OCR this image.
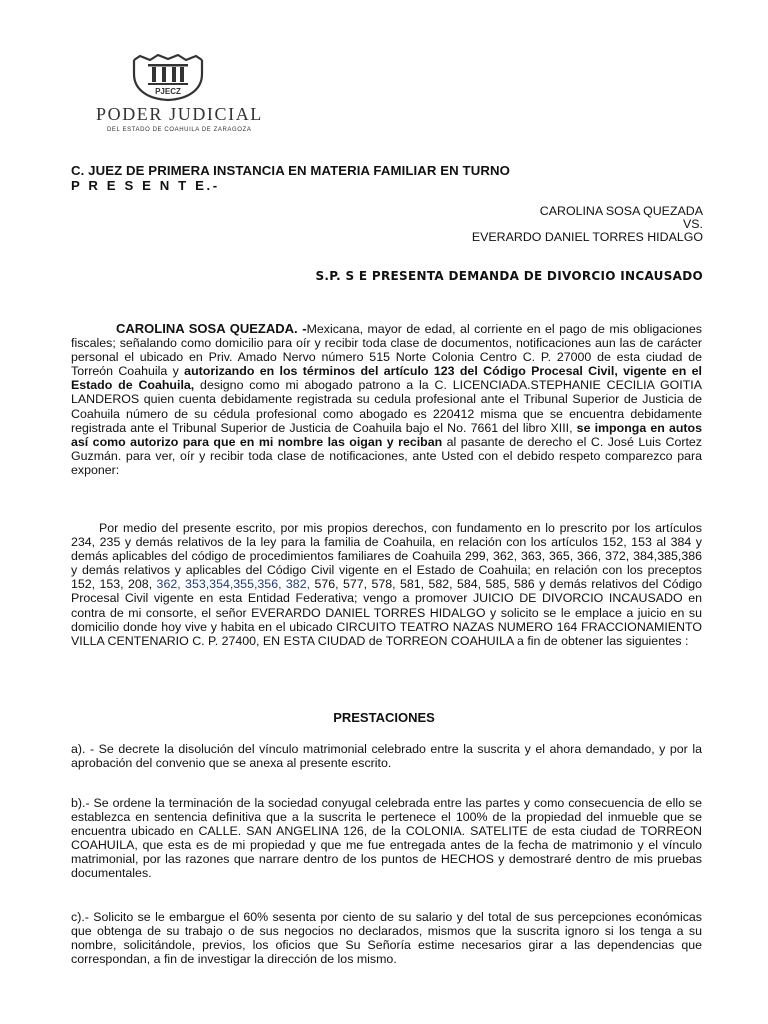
PJECZ
PODER JUDICIAL
DEL ESTADO DE COAHUILA DE ZARAGOZA
C. JUEZ DE PRIMERA INSTANCIA EN MATERIA FAMILIAR EN TURNO
P R E S E N T E.-
CAROLINA SOSA QUEZADA
VS.
EVERARDO DANIEL TORRES HIDALGO
S.P. S E PRESENTA DEMANDA DE DIVORCIO INCAUSADO
CAROLINA SOSA QUEZADA. -Mexicana, mayor de edad, al corriente en el pago de mis obligaciones fiscales; señalando como domicilio para oír y recibir toda clase de documentos, notificaciones aun las de carácter personal el ubicado en Priv. Amado Nervo número 515 Norte Colonia Centro C. P. 27000 de esta ciudad de Torreón Coahuila y autorizando en los términos del artículo 123 del Código Procesal Civil, vigente en el Estado de Coahuila, designo como mi abogado patrono a la C. LICENCIADA.STEPHANIE CECILIA GOITIA LANDEROS quien cuenta debidamente registrada su cedula profesional ante el Tribunal Superior de Justicia de Coahuila número de su cédula profesional como abogado es 220412 misma que se encuentra debidamente registrada ante el Tribunal Superior de Justicia de Coahuila bajo el No. 7661 del libro XIII, se imponga en autos así como autorizo para que en mi nombre las oigan y reciban al pasante de derecho el C. José Luis Cortez Guzmán. para ver, oír y recibir toda clase de notificaciones, ante Usted con el debido respeto comparezco para exponer:
Por medio del presente escrito, por mis propios derechos, con fundamento en lo prescrito por los artículos 234, 235 y demás relativos de la ley para la familia de Coahuila, en relación con los artículos 152, 153 al 384 y demás aplicables del código de procedimientos familiares de Coahuila 299, 362, 363, 365, 366, 372, 384,385,386 y demás relativos y aplicables del Código Civil vigente en el Estado de Coahuila; en relación con los preceptos 152, 153, 208, 362, 353,354,355,356, 382, 576, 577, 578, 581, 582, 584, 585, 586 y demás relativos del Código Procesal Civil vigente en esta Entidad Federativa; vengo a promover JUICIO DE DIVORCIO INCAUSADO en contra de mi consorte, el señor EVERARDO DANIEL TORRES HIDALGO y solicito se le emplace a juicio en su domicilio donde hoy vive y habita en el ubicado CIRCUITO TEATRO NAZAS NUMERO 164 FRACCIONAMIENTO VILLA CENTENARIO C. P. 27400, EN ESTA CIUDAD de TORREON COAHUILA a fin de obtener las siguientes :
PRESTACIONES
a). - Se decrete la disolución del vínculo matrimonial celebrado entre la suscrita y el ahora demandado, y por la aprobación del convenio que se anexa al presente escrito.
b).- Se ordene la terminación de la sociedad conyugal celebrada entre las partes y como consecuencia de ello se establezca en sentencia definitiva que a la suscrita le pertenece el 100% de la propiedad del inmueble que se encuentra ubicado en CALLE. SAN ANGELINA 126, de la COLONIA. SATELITE de esta ciudad de TORREON COAHUILA, que esta es de mi propiedad y que me fue entregada antes de la fecha de matrimonio y el vínculo matrimonial, por las razones que narrare dentro de los puntos de HECHOS y demostraré dentro de mis pruebas documentales.
c).- Solicito se le embargue el 60% sesenta por ciento de su salario y del total de sus percepciones económicas que obtenga de su trabajo o de sus negocios no declarados, mismos que la suscrita ignoro si los tenga a su nombre, solicitándole, previos, los oficios que Su Señoría estime necesarios girar a las dependencias que correspondan, a fin de investigar la dirección de los mismo.
